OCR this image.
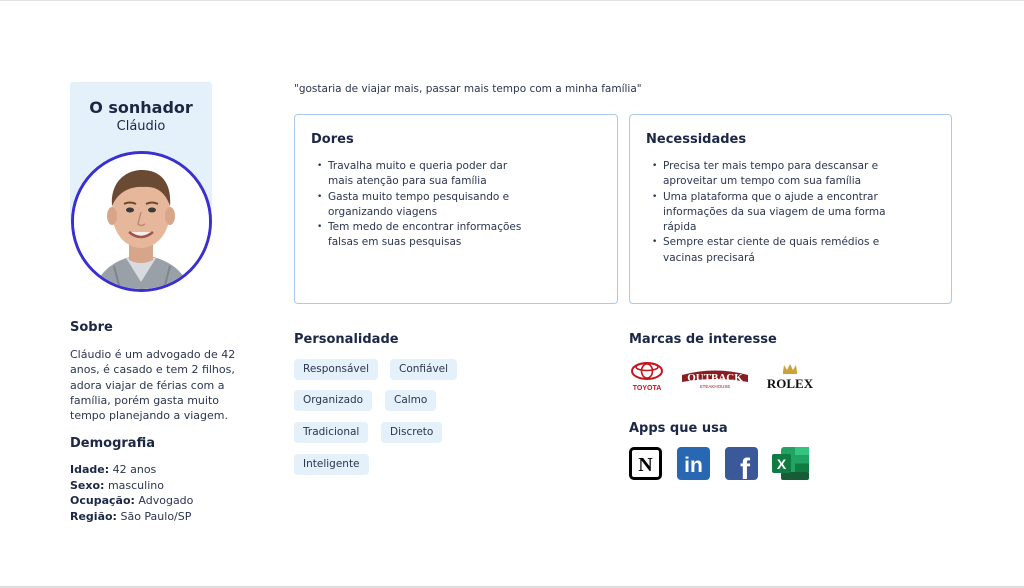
O sonhador
Cláudio
Sobre
Cláudio é um advogado de 42 anos, é casado e tem 2 filhos, adora viajar de férias com a família, porém gasta muito tempo planejando a viagem.
Demografia
Idade: 42 anos
Sexo: masculino
Ocupação: Advogado
Região: São Paulo/SP
"gostaria de viajar mais, passar mais tempo com a minha família"
Dores
• Travalha muito e queria poder dar mais atenção para sua família
• Gasta muito tempo pesquisando e organizando viagens
• Tem medo de encontrar informações falsas em suas pesquisas
Necessidades
• Precisa ter mais tempo para descansar e aproveitar um tempo com sua família
• Uma plataforma que o ajude a encontrar informações da sua viagem de uma forma rápida
• Sempre estar ciente de quais remédios e vacinas precisará
Personalidade
Responsável	Confiável
Organizado	Calmo
Tradicional	Discreto
Inteligente
Marcas de interesse
TOYOTA
OUTBACK
STEAKHOUSE	ROLEX
Apps que usa
N in f X
